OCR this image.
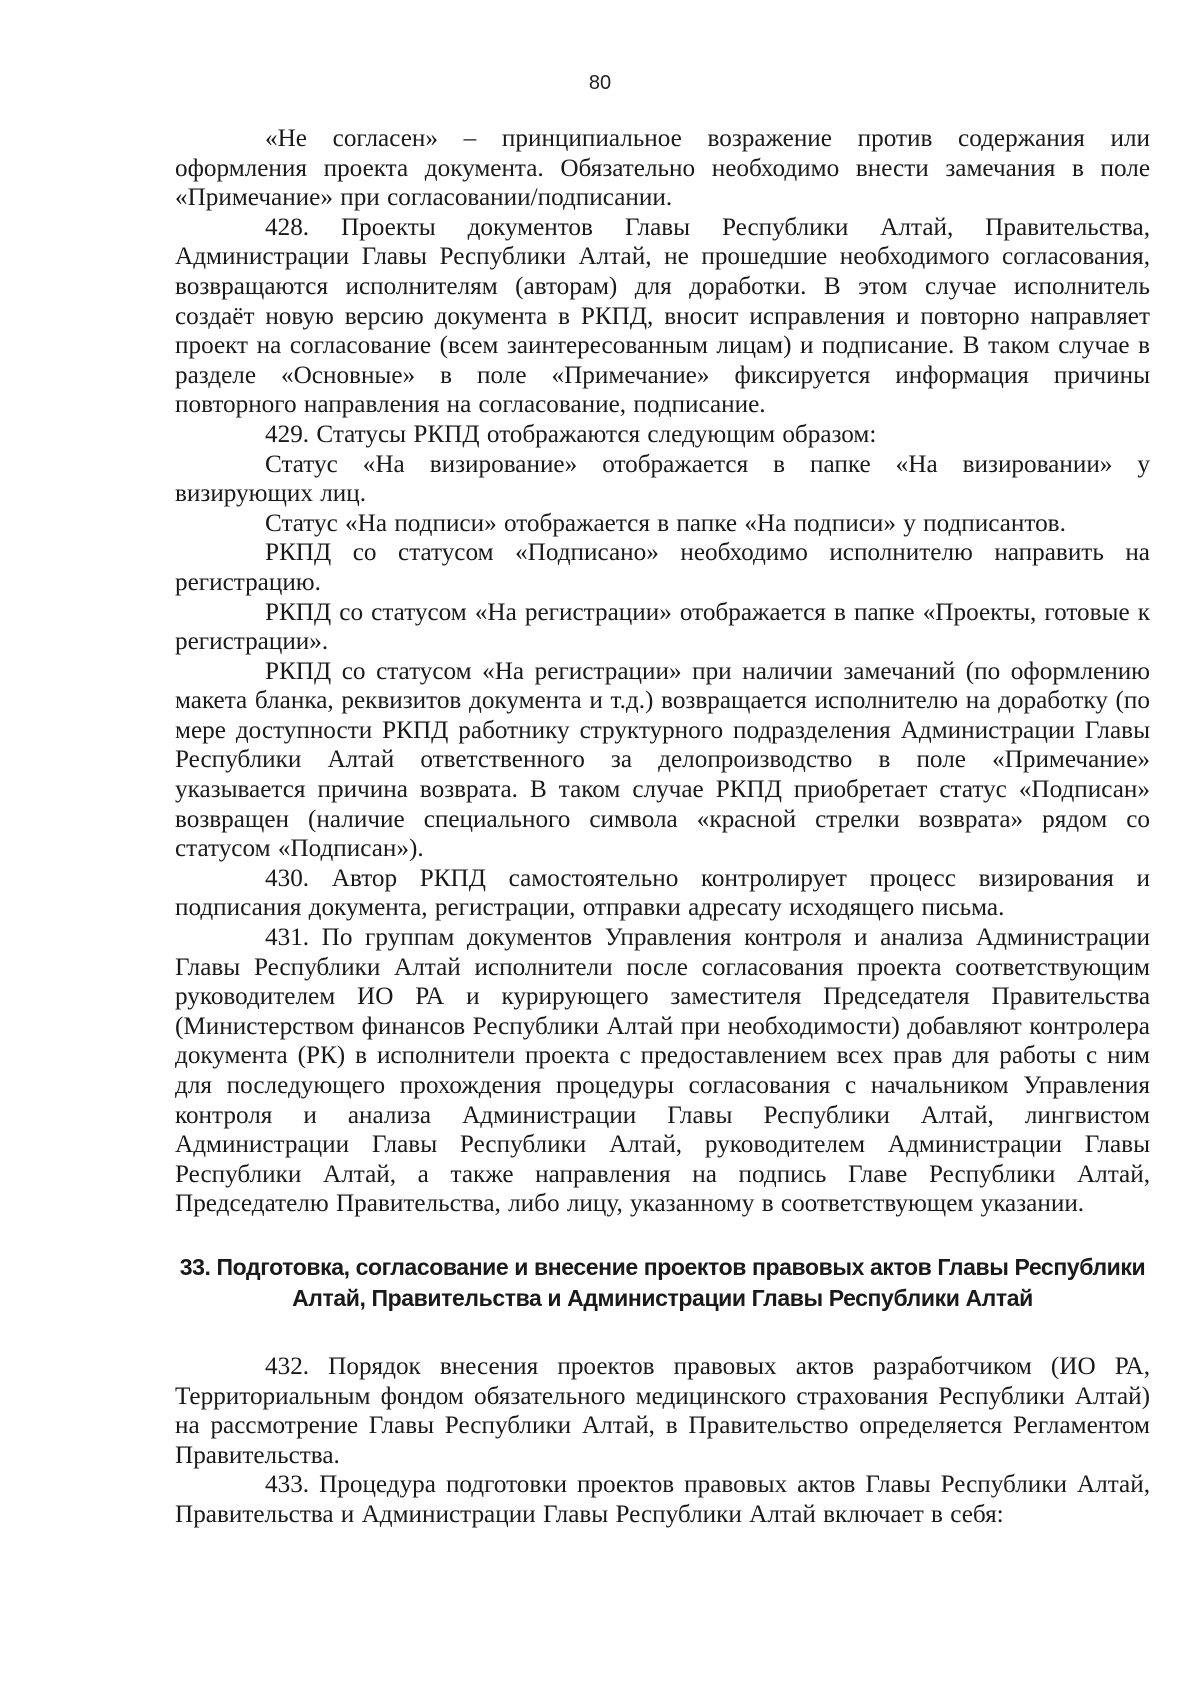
80

«Не согласен» – принципиальное возражение против содержания или оформления проекта документа. Обязательно необходимо внести замечания в поле «Примечание» при согласовании/подписании.

428. Проекты документов Главы Республики Алтай, Правительства, Администрации Главы Республики Алтай, не прошедшие необходимого согласования, возвращаются исполнителям (авторам) для доработки. В этом случае исполнитель создаёт новую версию документа в РКПД, вносит исправления и повторно направляет проект на согласование (всем заинтересованным лицам) и подписание. В таком случае в разделе «Основные» в поле «Примечание» фиксируется информация причины повторного направления на согласование, подписание.

429. Статусы РКПД отображаются следующим образом:

Статус «На визирование» отображается в папке «На визировании» у визирующих лиц.

Статус «На подписи» отображается в папке «На подписи» у подписантов.

РКПД со статусом «Подписано» необходимо исполнителю направить на регистрацию.

РКПД со статусом «На регистрации» отображается в папке «Проекты, готовые к регистрации».

РКПД со статусом «На регистрации» при наличии замечаний (по оформлению макета бланка, реквизитов документа и т.д.) возвращается исполнителю на доработку (по мере доступности РКПД работнику структурного подразделения Администрации Главы Республики Алтай ответственного за делопроизводство в поле «Примечание» указывается причина возврата. В таком случае РКПД приобретает статус «Подписан» возвращен (наличие специального символа «красной стрелки возврата» рядом со статусом «Подписан»).

430. Автор РКПД самостоятельно контролирует процесс визирования и подписания документа, регистрации, отправки адресату исходящего письма.

431. По группам документов Управления контроля и анализа Администрации Главы Республики Алтай исполнители после согласования проекта соответствующим руководителем ИО РА и курирующего заместителя Председателя Правительства (Министерством финансов Республики Алтай при необходимости) добавляют контролера документа (РК) в исполнители проекта с предоставлением всех прав для работы с ним для последующего прохождения процедуры согласования с начальником Управления контроля и анализа Администрации Главы Республики Алтай, лингвистом Администрации Главы Республики Алтай, руководителем Администрации Главы Республики Алтай, а также направления на подпись Главе Республики Алтай, Председателю Правительства, либо лицу, указанному в соответствующем указании.

33. Подготовка, согласование и внесение проектов правовых актов Главы Республики Алтай, Правительства и Администрации Главы Республики Алтай

432. Порядок внесения проектов правовых актов разработчиком (ИО РА, Территориальным фондом обязательного медицинского страхования Республики Алтай) на рассмотрение Главы Республики Алтай, в Правительство определяется Регламентом Правительства.

433. Процедура подготовки проектов правовых актов Главы Республики Алтай, Правительства и Администрации Главы Республики Алтай включает в себя:
